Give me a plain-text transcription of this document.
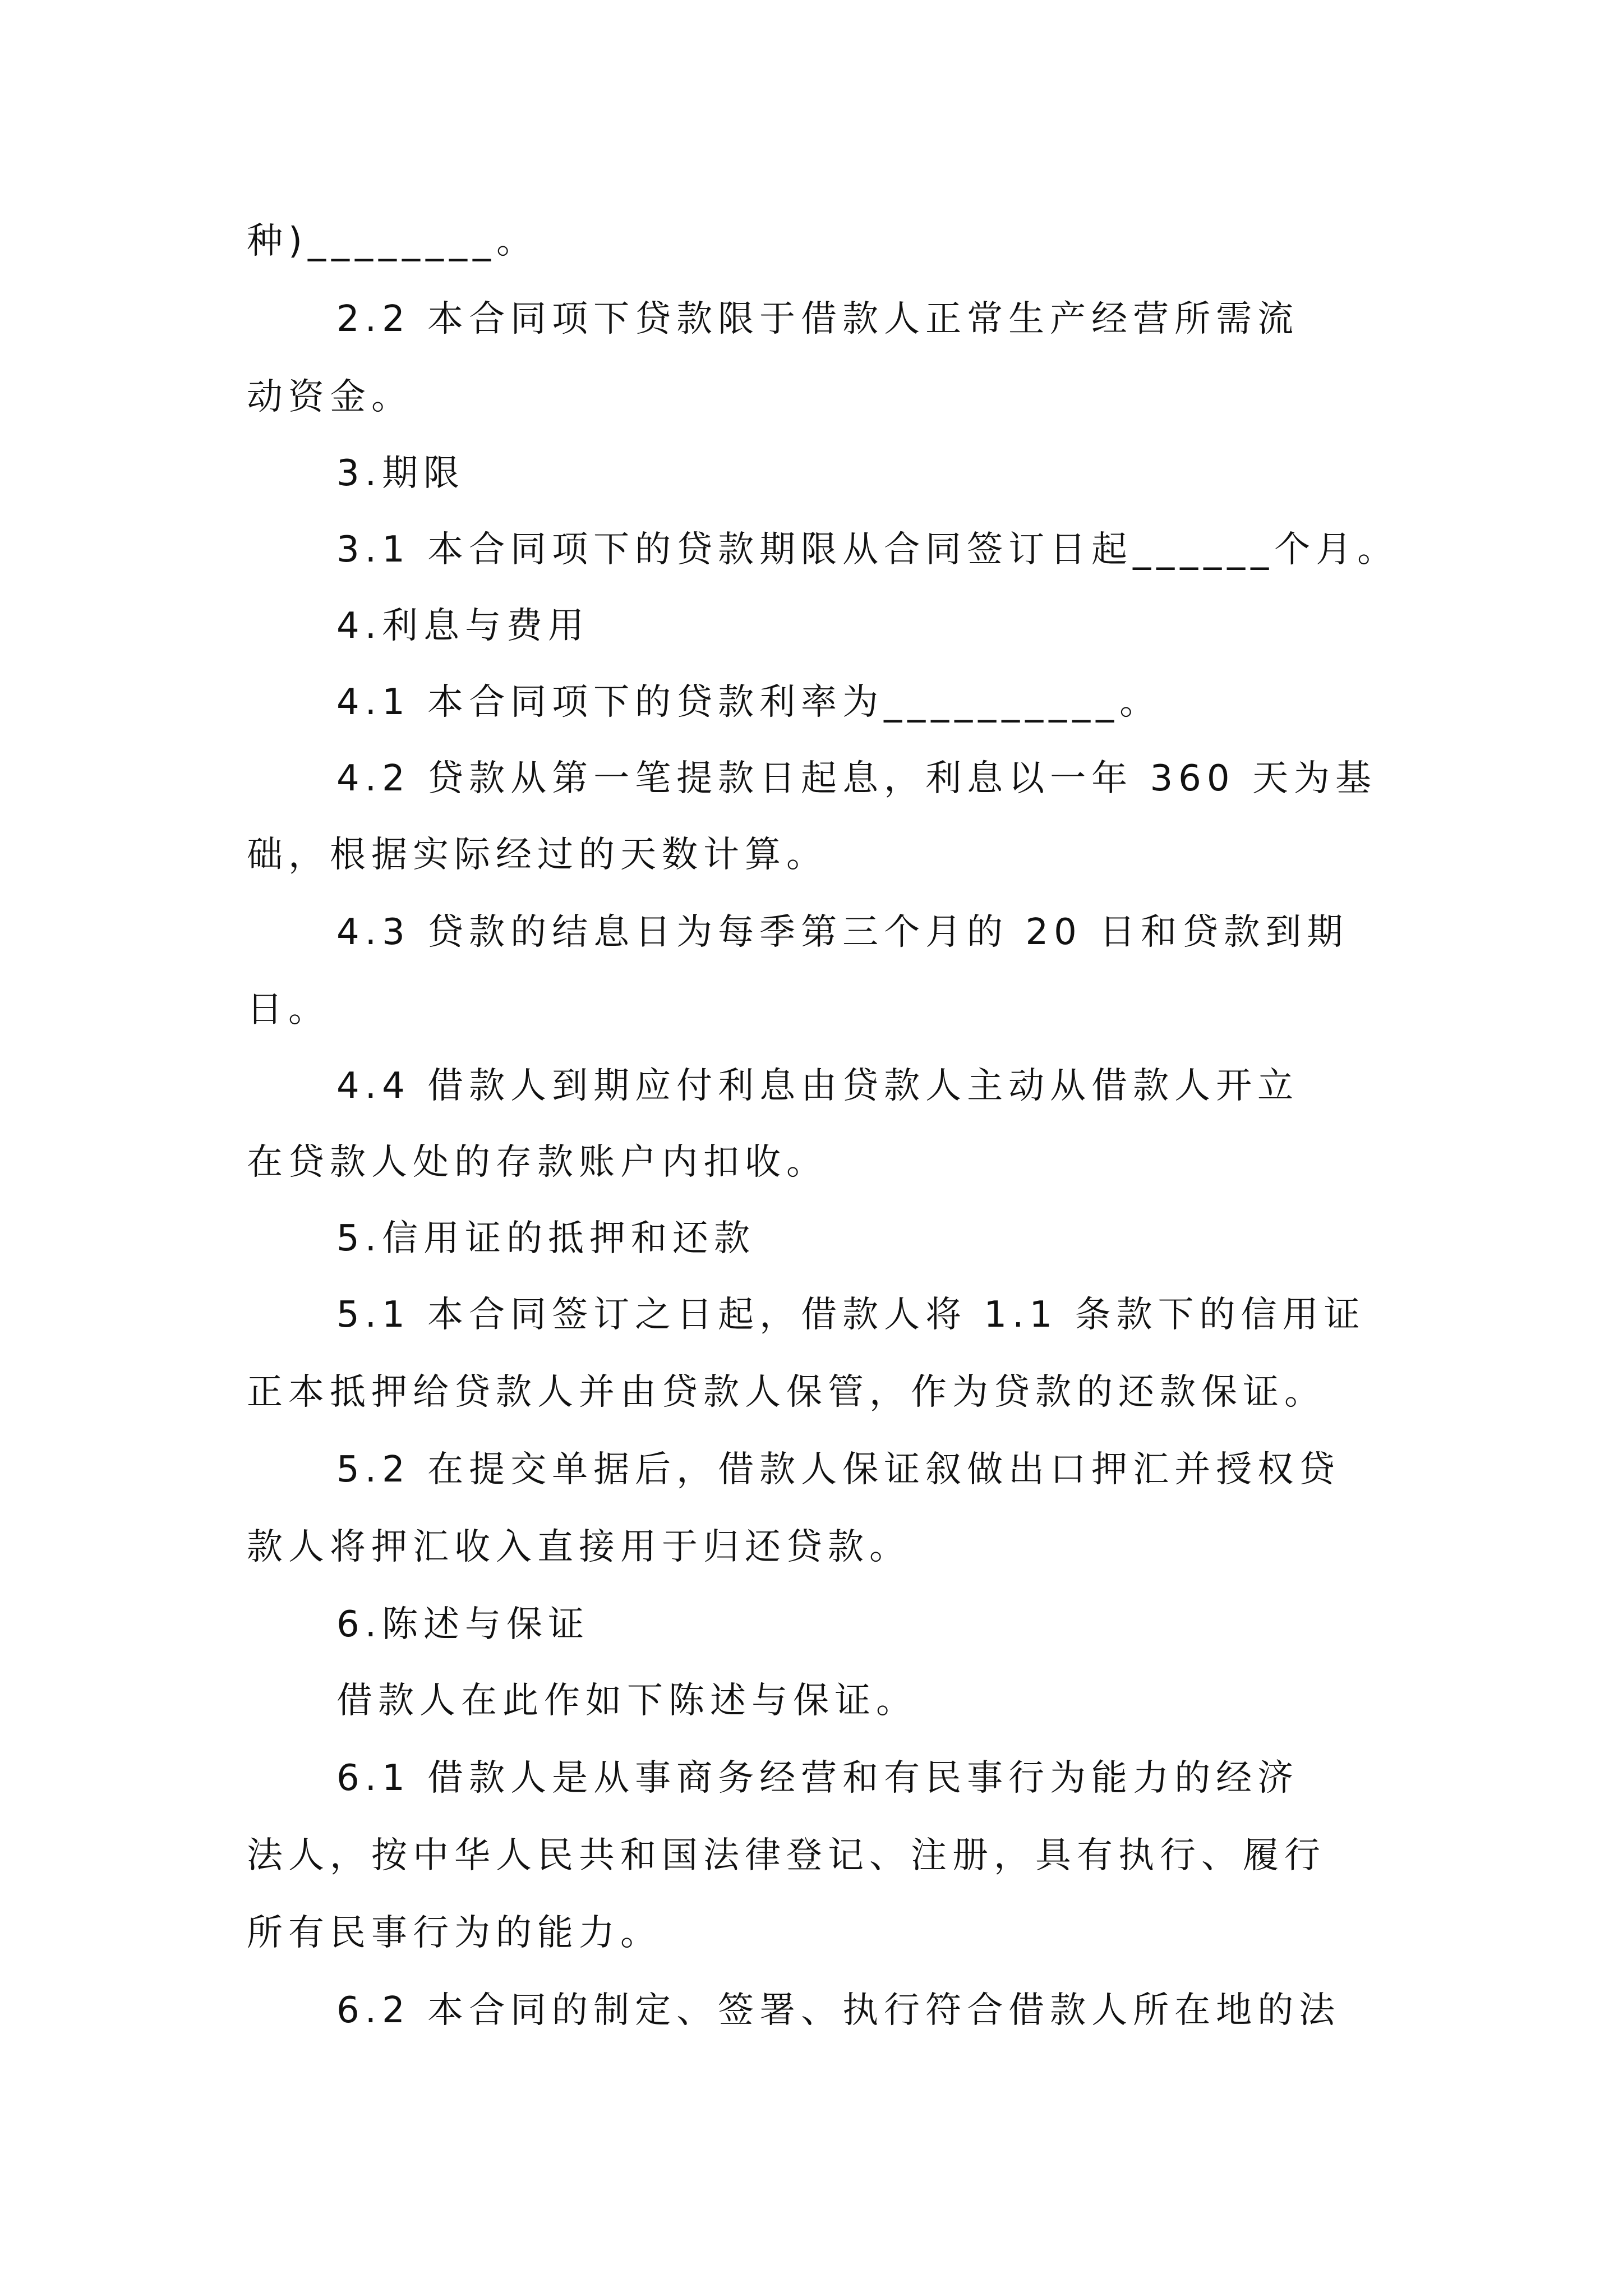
种)________。
2.2 本合同项下贷款限于借款人正常生产经营所需流
动资金。
3.期限
3.1 本合同项下的贷款期限从合同签订日起______个月。
4.利息与费用
4.1 本合同项下的贷款利率为__________。
4.2 贷款从第一笔提款日起息，利息以一年 360 天为基
础，根据实际经过的天数计算。
4.3 贷款的结息日为每季第三个月的 20 日和贷款到期
日。
4.4 借款人到期应付利息由贷款人主动从借款人开立
在贷款人处的存款账户内扣收。
5.信用证的抵押和还款
5.1 本合同签订之日起，借款人将 1.1 条款下的信用证
正本抵押给贷款人并由贷款人保管，作为贷款的还款保证。
5.2 在提交单据后，借款人保证叙做出口押汇并授权贷
款人将押汇收入直接用于归还贷款。
6.陈述与保证
借款人在此作如下陈述与保证。
6.1 借款人是从事商务经营和有民事行为能力的经济
法人，按中华人民共和国法律登记、注册，具有执行、履行
所有民事行为的能力。
6.2 本合同的制定、签署、执行符合借款人所在地的法
